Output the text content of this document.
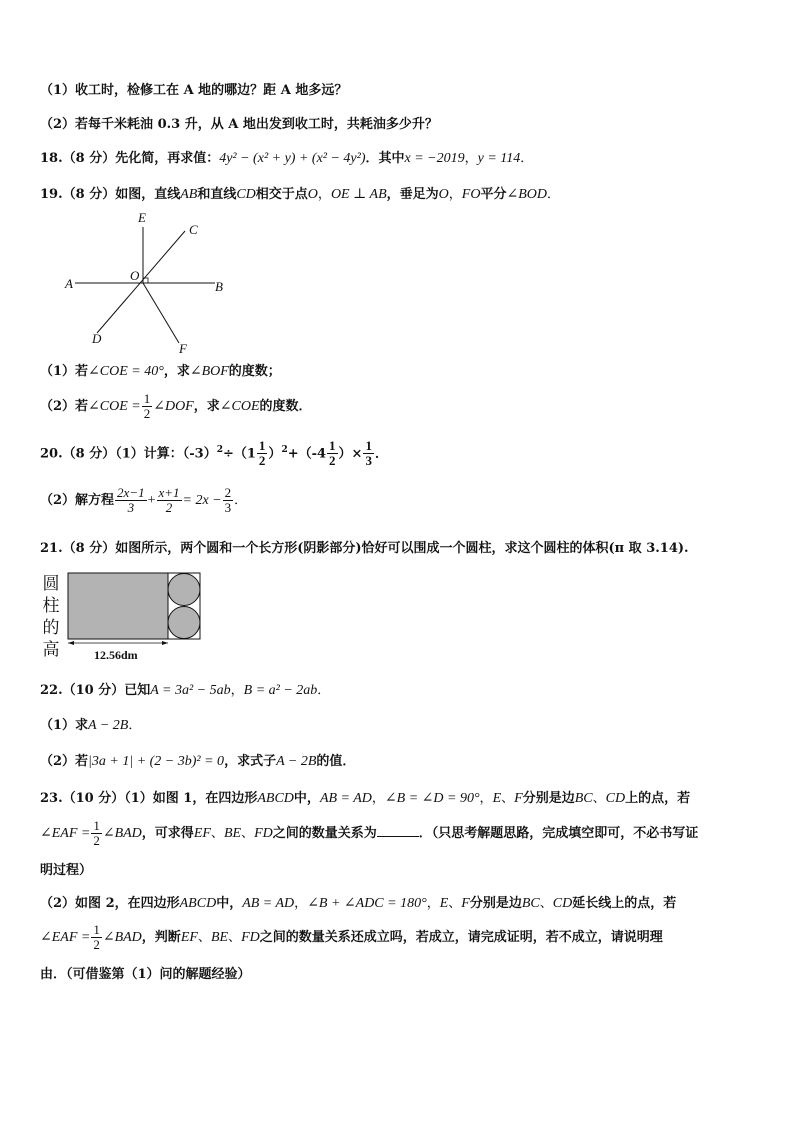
（1）收工时，检修工在 A 地的哪边？距 A 地多远？
（2）若每千米耗油 0.3 升，从 A 地出发到收工时，共耗油多少升？
18.（8 分）先化简，再求值：4y² − (x² + y) + (x² − 4y²)．其中x = −2019，y = 114．
19.（8 分）如图，直线AB和直线CD相交于点O，OE ⊥ AB，垂足为O，FO平分∠BOD．
E
C
O
A	B
D
F
（1）若∠COE = 40°，求∠BOF的度数；
（2）若∠COE = $\frac{1}{2}$ ∠DOF，求∠COE的度数．
20.（8 分）（1）计算：$(-3)^2\div(1 \frac{1}{2} )^2+(-4 \frac{1}{2}$ ）× $\frac{1}{3}$ ．
（2）解方程 $\frac{2x-1}{3} + \frac{x+1}{2} = 2x - \frac{2}{3}$ ．
21.（8 分）如图所示，两个圆和一个长方形(阴影部分)恰好可以围成一个圆柱，求这个圆柱的体积(π 取 3.14).
圆
柱
的
高	12.56dm
22.（10 分）已知A = 3a² − 5ab，B = a² − 2ab．
（1）求A − 2B．
（2）若|3a + 1| + (2 − 3b)² = 0，求式子A − 2B的值．
23.（10 分）（1）如图 1，在四边形ABCD中，AB = AD，∠B = ∠D = 90°，E、F分别是边BC、CD上的点，若
∠EAF = $\frac{1}{2}$ ∠BAD，可求得EF、BE、FD之间的数量关系为	．（只思考解题思路，完成填空即可，不必书写证
明过程）
（2）如图 2，在四边形ABCD中，AB = AD，∠B + ∠ADC = 180°，E、F分别是边BC、CD延长线上的点，若
∠EAF = $\frac{1}{2}$ ∠BAD，判断EF、BE、FD之间的数量关系还成立吗，若成立，请完成证明，若不成立，请说明理
由．（可借鉴第（1）问的解题经验）
